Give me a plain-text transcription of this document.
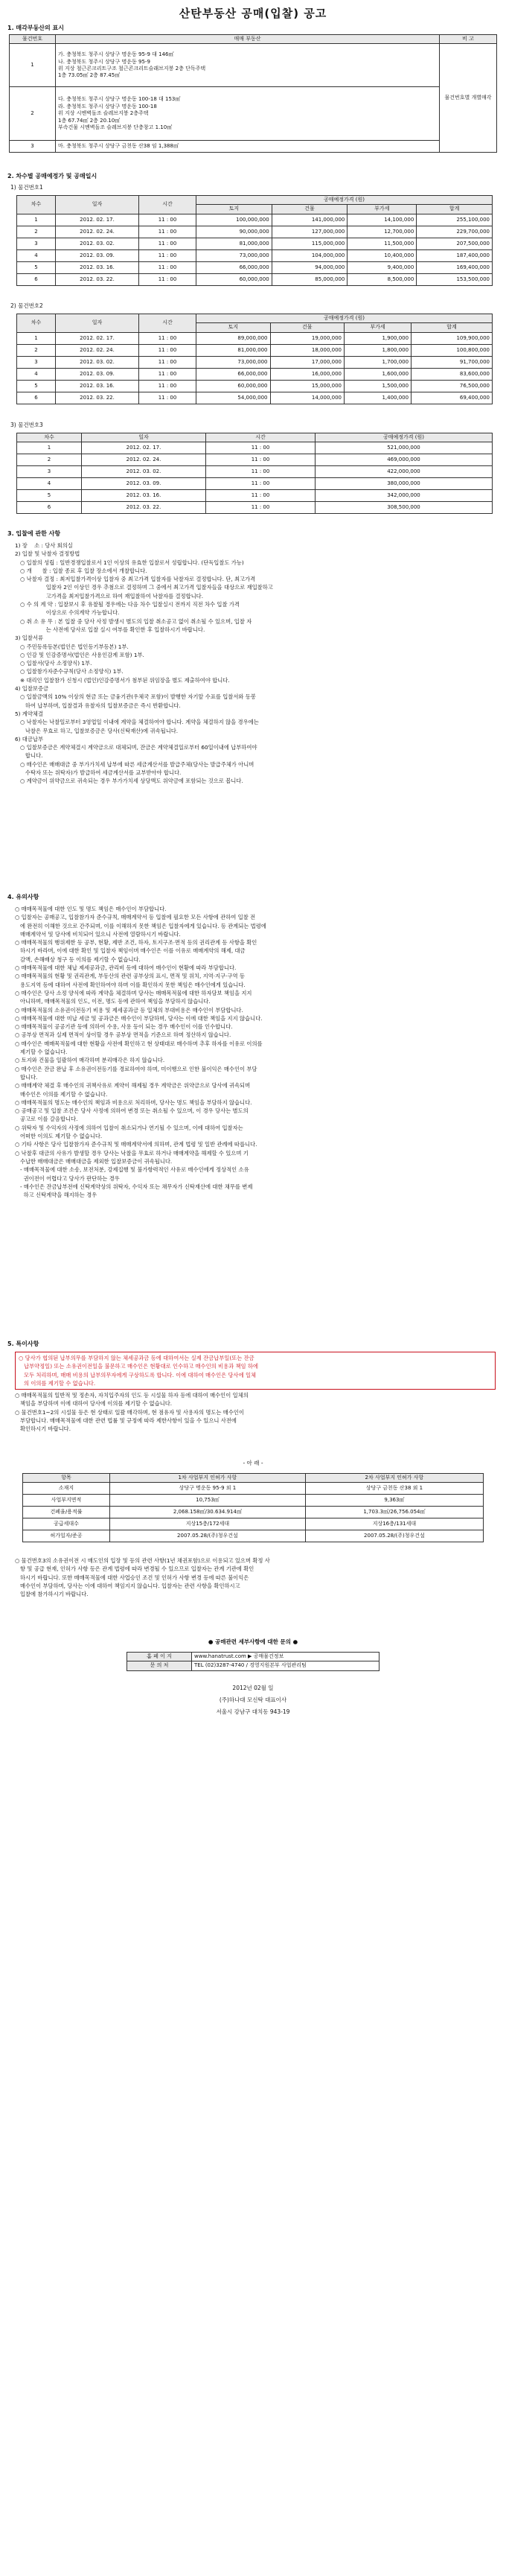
산탄부동산 공매(입찰) 공고
1. 매각부동산의 표시
물건번호	매매 부동산	비 고
1	가. 충청북도 청주시 상당구 명운동 95-9 대 146㎡
나. 충청북도 청주시 상당구 명운동 95-9
위 지상 철근콘크리트구조 철근콘크리트슬래브지붕 2층 단독주택
1층 73.05㎡ 2층 87.45㎡	물건번호별 개별매각
2	다. 충청북도 청주시 상당구 명운동 100-18 대 153㎡
라. 충청북도 청주시 상당구 명운동 100-18
위 지상 시멘벽돌조 슬레브지붕 2층주택
1층 67.74㎡ 2층 20.10㎡
부속건물 시멘벽돌조 슬레브지붕 단층창고 1.10㎡	

3	마. 충청북도 청주시 상당구 금천동 산38 임 1,388㎡	
2. 차수별 공매예정가 및 공매일시
1) 물건번호1
차수	일자	시간	공매예정가격 (원)			
			토지	건물	부가세	합계
1	2012. 02. 17.	11 : 00	100,000,000	141,000,000	14,100,000	255,100,000
2	2012. 02. 24.	11 : 00	90,000,000	127,000,000	12,700,000	229,700,000
3	2012. 03. 02.	11 : 00	81,000,000	115,000,000	11,500,000	207,500,000
4	2012. 03. 09.	11 : 00	73,000,000	104,000,000	10,400,000	187,400,000
5	2012. 03. 16.	11 : 00	66,000,000	94,000,000	9,400,000	169,400,000
6	2012. 03. 22.	11 : 00	60,000,000	85,000,000	8,500,000	153,500,000
2) 물건번호2
차수	일자	시간	공매예정가격 (원)			
			토지	건물	부가세	합계
1	2012. 02. 17.	11 : 00	89,000,000	19,000,000	1,900,000	109,900,000
2	2012. 02. 24.	11 : 00	81,000,000	18,000,000	1,800,000	100,800,000
3	2012. 03. 02.	11 : 00	73,000,000	17,000,000	1,700,000	91,700,000
4	2012. 03. 09.	11 : 00	66,000,000	16,000,000	1,600,000	83,600,000
5	2012. 03. 16.	11 : 00	60,000,000	15,000,000	1,500,000	76,500,000
6	2012. 03. 22.	11 : 00	54,000,000	14,000,000	1,400,000	69,400,000
3) 물건번호3
차수	일자	시간	공매예정가격 (원)
1	2012. 02. 17.	11 : 00	521,000,000
2	2012. 02. 24.	11 : 00	469,000,000
3	2012. 03. 02.	11 : 00	422,000,000
4	2012. 03. 09.	11 : 00	380,000,000
5	2012. 03. 16.	11 : 00	342,000,000
6	2012. 03. 22.	11 : 00	308,500,000
3. 입찰에 관한 사항
1) 장    소 : 당사 회의실
2) 입찰 및 낙찰자 결정방법
○ 입찰의 성립 : 일반경쟁입찰로서 1인 이상의 유효한 입찰로서 성립합니다. (단독입찰도 가능)
○ 개      찰 : 입찰 종료 후 입찰 장소에서 개찰합니다.
○ 낙찰자 결정 : 최저입찰가격이상 입찰자 중 최고가격 입찰자를 낙찰자로 결정합니다. 단, 최고가격
입찰자 2인 이상인 경우 추첨으로 결정하며 그 중에서 최고가격 입찰자들을 대상으로 재입찰하고
고가격을 최저입찰가격으로 하여 재입찰하여 낙찰자를 결정합니다.
○ 수 의 계 약 : 입찰보시 후 유찰될 경우에는 다음 차수 입찰실시 전까지 직전 차수 입찰 가격
이상으로 수의계약 가능합니다.
○ 취 소 유 무 : 본 입찰 중 당사 사정 발생시 별도의 입찰 취소공고 없이 취소될 수 있으며, 입찰 자
는 사전에 당사로 입찰 실시 여부를 확인한 후 입찰하시기 바랍니다.
3) 입찰서류
○ 주민등록등본(법인은 법인등기부등본) 1부.
○ 인감 및 인감증명서(법인은 사용인감계 포함) 1부.
○ 입찰서(당사 소정양식) 1부.
○ 입찰참가자준수규칙(당사 소정양식) 1부.
※ 대리인 입찰참가 신청시 (법인)인감증명서가 첨부된 위임장을 별도 제출하여야 합니다.
4) 입찰보증금
○ 입찰금액의 10% 이상의 현금 또는 금융기관(우체국 포함)이 발행한 자기앞 수표를 입찰서와 동봉
하여 납부하며, 입찰결과 유찰자의 입찰보증금은 즉시 반환합니다.
5) 계약체결
○ 낙찰자는 낙찰일로부터 3영업일 이내에 계약을 체결하여야 합니다. 계약을 체결하지 않을 경우에는
낙찰은 무효로 하고, 입찰보증금은 당사(신탁재산)에 귀속됩니다.
6) 대금납부
○ 입찰보증금은 계약체결시 계약금으로 대체되며, 잔금은 계약체결일로부터 60일이내에 납부하여야
합니다.
○ 매수인은 매매대금 중 부가가치세 납부에 따른 세금계산서를 발급주체(당사는 발급주체가 아니며
수탁자 또는 위탁자)가 발급하여 세금계산서를 교부받아야 합니다.
○ 계약금이 위약금으로 귀속되는 경우 부가가치세 상당액도 위약금에 포함되는 것으로 봅니다.
4. 유의사항
○ 매매목적물에 대한 인도 및 명도 책임은 매수인이 부담합니다.
○ 입찰자는 공매공고, 입찰참가자 준수규칙, 매매계약서 등 입찰에 필요한 모든 사항에 관하여 입찰 전
에 완전히 이해한 것으로 간주되며, 이를 이해하지 못한 책임은 입찰자에게 있습니다. 등 관계되는 법령에
매매계약서 및 당사에 비치되어 있으니 사전에 열람하시기 바랍니다.
○ 매매목적물의 행위제한 등 공부, 현황, 제반 조건, 하자, 토지구조·면적 등의 권리관계 등 사항을 확인
하시기 바라며, 이에 대한 확인 및 입찰자 책임이며 매수인은 이를 이유로 매매계약의 해제, 대금
감액, 손해배상 청구 등 이의를 제기할 수 없습니다.
○ 매매목적물에 대한 체납 제세공과금, 관리비 등에 대하여 매수인이 현황에 따라 부담합니다.
○ 매매목적물의 현황 및 권리관계, 부동산의 관련 공부상의 표시, 면적 및 위치, 지역·지구·구역 등
용도지역 등에 대하여 사전에 확인하여야 하며 이를 확인하지 못한 책임은 매수인에게 있습니다.
○ 매수인은 당사 소정 양식에 따라 계약을 체결하며 당사는 매매목적물에 대한 하자담보 책임을 지지
아니하며, 매매목적물의 인도, 이전, 명도 등에 관하여 책임을 부담하지 않습니다.
○ 매매목적물의 소유권이전등기 비용 및 제세공과금 등 일체의 부대비용은 매수인이 부담합니다.
○ 매매목적물에 대한 미납 세금 및 공과금은 매수인이 부담하며, 당사는 이에 대한 책임을 지지 않습니다.
○ 매매목적물이 공공기관 등에 의하여 수용, 사용 등이 되는 경우 매수인이 이를 인수합니다.
○ 공부상 면적과 실제 면적이 상이할 경우 공부상 면적을 기준으로 하며 정산하지 않습니다.
○ 매수인은 매매목적물에 대한 현황을 사전에 확인하고 현 상태대로 매수하며 추후 하자를 이유로 이의를
제기할 수 없습니다.
○ 토지와 건물을 일괄하여 매각하며 분리매각은 하지 않습니다.
○ 매수인은 잔금 완납 후 소유권이전등기를 경료하여야 하며, 미이행으로 인한 불이익은 매수인이 부담
합니다.
○ 매매계약 체결 후 매수인의 귀책사유로 계약이 해제될 경우 계약금은 위약금으로 당사에 귀속되며
매수인은 이의를 제기할 수 없습니다.
○ 매매목적물의 명도는 매수인의 책임과 비용으로 처리하며, 당사는 명도 책임을 부담하지 않습니다.
○ 공매공고 및 입찰 조건은 당사 사정에 의하여 변경 또는 취소될 수 있으며, 이 경우 당사는 별도의
공고로 이를 갈음합니다.
○ 위탁자 및 수익자의 사정에 의하여 입찰이 취소되거나 연기될 수 있으며, 이에 대하여 입찰자는
어떠한 이의도 제기할 수 없습니다.
○ 기타 사항은 당사 입찰참가자 준수규칙 및 매매계약서에 의하며, 관계 법령 및 일반 관례에 따릅니다.
○ 낙찰후 대금의 사유가 발생할 경우 당사는 낙찰을 무효로 하거나 매매계약을 해제할 수 있으며 기
수납한 매매대금은 매매대금을 제외한 입찰보증금이 귀속됩니다.
- 매매목적물에 대한 소송, 보전처분, 강제집행 및 불가항력적인 사유로 매수인에게 정상적인 소유
권이전이 어렵다고 당사가 판단하는 경우
- 매수인은 잔금납부전에 신탁계약상의 위탁자, 수익자 또는 채무자가 신탁재산에 대한 채무를 변제
하고 신탁계약을 해지하는 경우
5. 특이사항
○ 당사가 협의된 납부의무를 부담하지 않는 체세공과금 등에 대하여서는 실제 잔금납부일(또는 잔금
납부약정일) 또는 소유권이전일을 불문하고 매수인은 현황대로 인수하고 매수인의 비용과 책임 하에
모두 처리하며, 매매 비용의 납부의무자에게 구상하도록 합니다. 이에 대하여 매수인은 당사에 일체
의 이의를 제기할 수 없습니다.
○ 매매목적물의 일반적 및 정손자, 자치입주자의 인도 등 시설물 하자 등에 대하여 매수인이 일체의
책임을 부담하며 이에 대하여 당사에 이의를 제기할 수 없습니다.
○ 물건번호1~2의 시설물 등은 현 상태로 일괄 매각하며, 현 점유자 및 사용자의 명도는 매수인이
부담합니다. 매매목적물에 대한 관련 법률 및 규정에 따라 제한사항이 있을 수 있으니 사전에
확인하시기 바랍니다.
- 아 래 -
항목	1차 사업부지 인허가 사항	2차 사업부지 인허가 사항
소재지	상당구 명운동 95-9 외 1	상당구 금천동 산38 외 1
사업부지면적	10,753㎡	9,363㎡
건폐율/용적률	2,068.158㎡/30.634.914㎡	1,703.3㎡/26,756.054㎡
공급세대수	지상15층/172세대	지상16층/131세대
허가일자/준공	2007.05.28/(주)청우건설	2007.05.28/(주)청우건설
○ 물건번호3의 소유권이전 시 매도인의 입장 및 등의 관련 사항(1년 채권포함)으로 이용되고 있으며 확정 사
항 및 공급 현재, 인허가 사항 등은 관계 법령에 따라 변경될 수 있으므로 입찰자는 관계 기관에 확인
하시기 바랍니다. 또한 매매목적물에 대한 사업승인 조건 및 인허가 사항 변경 등에 따른 불이익은
매수인이 부담하며, 당사는 이에 대하여 책임지지 않습니다. 입찰자는 관련 사항을 확인하시고
입찰에 참가하시기 바랍니다.
● 공매관련 세부사항에 대한 문의 ●
홈 페 이 지	www.hanatrust.com ▶ 공매물건정보
문 의 처	TEL (02)3287-4740 / 경영지원본부 사업관리팀
2012년 02월 일
(주)하나대 모신탁 대표이사
서울시 강남구 대치동 943-19
